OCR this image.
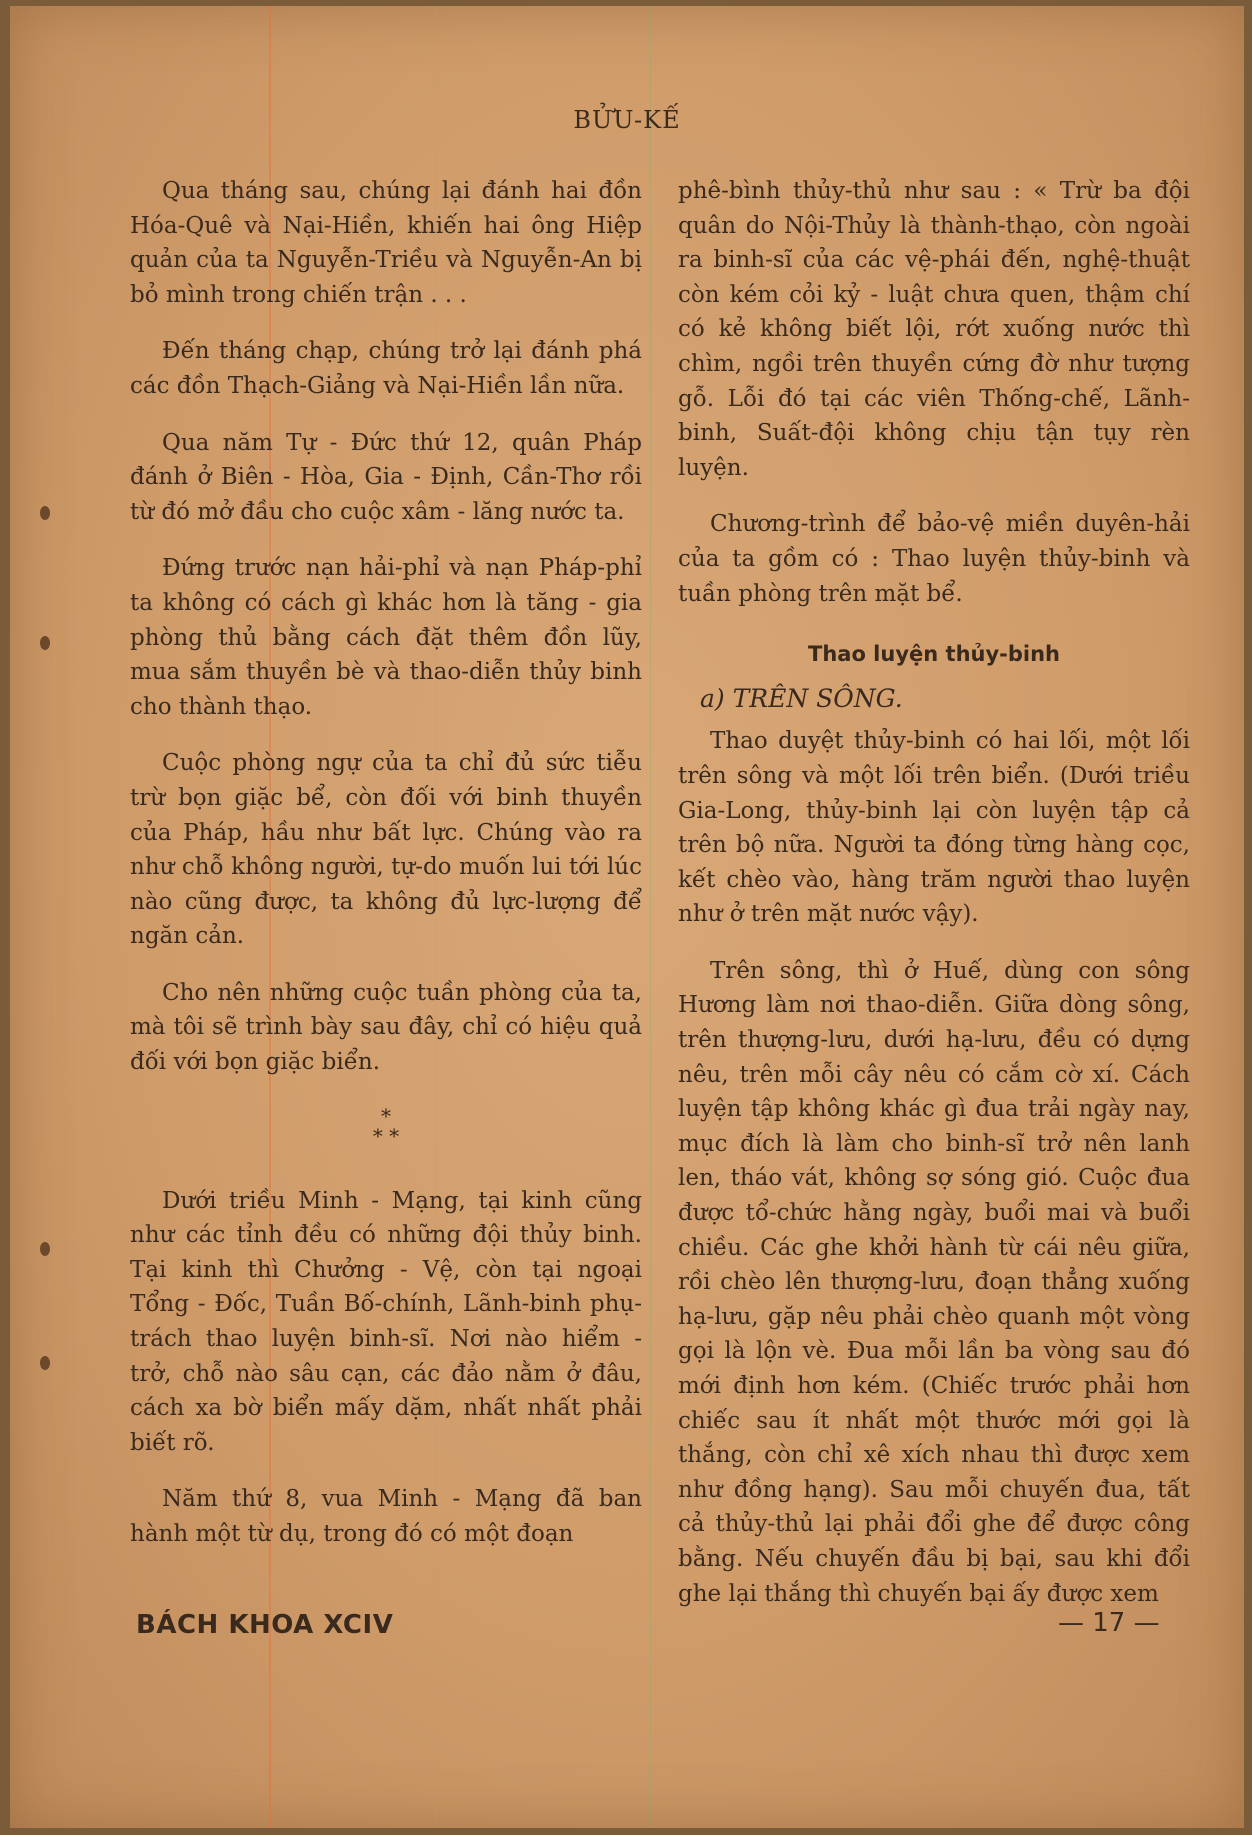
BỬU-KẾ

Qua tháng sau, chúng lại đánh hai đồn Hóa-Quê và Nại-Hiền, khiến hai ông Hiệp quản của ta Nguyễn-Triều và Nguyễn-An bị bỏ mình trong chiến trận . . .

Đến tháng chạp, chúng trở lại đánh phá các đồn Thạch-Giảng và Nại-Hiền lần nữa.

Qua năm Tự - Đức thứ 12, quân Pháp đánh ở Biên - Hòa, Gia - Định, Cần-Thơ rồi từ đó mở đầu cho cuộc xâm - lăng nước ta.

Đứng trước nạn hải-phỉ và nạn Pháp-phỉ ta không có cách gì khác hơn là tăng - gia phòng thủ bằng cách đặt thêm đồn lũy, mua sắm thuyền bè và thao-diễn thủy binh cho thành thạo.

Cuộc phòng ngự của ta chỉ đủ sức tiễu trừ bọn giặc bể, còn đối với binh thuyền của Pháp, hầu như bất lực. Chúng vào ra như chỗ không người, tự-do muốn lui tới lúc nào cũng được, ta không đủ lực-lượng để ngăn cản.

Cho nên những cuộc tuần phòng của ta, mà tôi sẽ trình bày sau đây, chỉ có hiệu quả đối với bọn giặc biển.

*
* *

Dưới triều Minh - Mạng, tại kinh cũng như các tỉnh đều có những đội thủy binh. Tại kinh thì Chưởng - Vệ, còn tại ngoại Tổng - Đốc, Tuần Bố-chính, Lãnh-binh phụ-trách thao luyện binh-sĩ. Nơi nào hiểm - trở, chỗ nào sâu cạn, các đảo nằm ở đâu, cách xa bờ biển mấy dặm, nhất nhất phải biết rõ.

Năm thứ 8, vua Minh - Mạng đã ban hành một từ dụ, trong đó có một đoạn

phê-bình thủy-thủ như sau : « Trừ ba đội quân do Nội-Thủy là thành-thạo, còn ngoài ra binh-sĩ của các vệ-phái đến, nghệ-thuật còn kém cỏi kỷ - luật chưa quen, thậm chí có kẻ không biết lội, rớt xuống nước thì chìm, ngồi trên thuyền cứng đờ như tượng gỗ. Lỗi đó tại các viên Thống-chế, Lãnh-binh, Suất-đội không chịu tận tụy rèn luyện.

Chương-trình để bảo-vệ miền duyên-hải của ta gồm có : Thao luyện thủy-binh và tuần phòng trên mặt bể.

Thao luyện thủy-binh
a) TRÊN SÔNG.

Thao duyệt thủy-binh có hai lối, một lối trên sông và một lối trên biển. (Dưới triều Gia-Long, thủy-binh lại còn luyện tập cả trên bộ nữa. Người ta đóng từng hàng cọc, kết chèo vào, hàng trăm người thao luyện như ở trên mặt nước vậy).

Trên sông, thì ở Huế, dùng con sông Hương làm nơi thao-diễn. Giữa dòng sông, trên thượng-lưu, dưới hạ-lưu, đều có dựng nêu, trên mỗi cây nêu có cắm cờ xí. Cách luyện tập không khác gì đua trải ngày nay, mục đích là làm cho binh-sĩ trở nên lanh len, tháo vát, không sợ sóng gió. Cuộc đua được tổ-chức hằng ngày, buổi mai và buổi chiều. Các ghe khởi hành từ cái nêu giữa, rồi chèo lên thượng-lưu, đoạn thẳng xuống hạ-lưu, gặp nêu phải chèo quanh một vòng gọi là lộn vè. Đua mỗi lần ba vòng sau đó mới định hơn kém. (Chiếc trước phải hơn chiếc sau ít nhất một thước mới gọi là thắng, còn chỉ xê xích nhau thì được xem như đồng hạng). Sau mỗi chuyến đua, tất cả thủy-thủ lại phải đổi ghe để được công bằng. Nếu chuyến đầu bị bại, sau khi đổi ghe lại thắng thì chuyến bại ấy được xem

BÁCH KHOA XCIV	— 17 —
